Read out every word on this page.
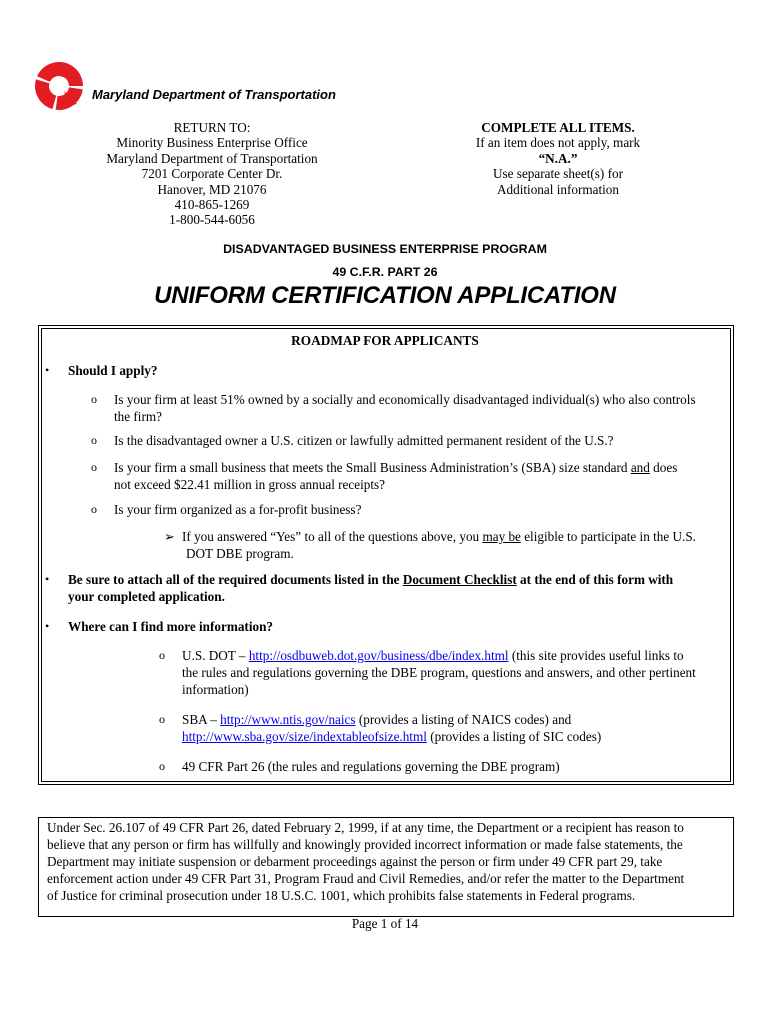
Maryland Department of Transportation
RETURN TO:
Minority Business Enterprise Office
Maryland Department of Transportation
7201 Corporate Center Dr.
Hanover, MD 21076
410-865-1269
1-800-544-6056
COMPLETE ALL ITEMS.
If an item does not apply, mark
“N.A.”
Use separate sheet(s) for
Additional information
DISADVANTAGED BUSINESS ENTERPRISE PROGRAM
49 C.F.R. PART 26
UNIFORM CERTIFICATION APPLICATION
ROADMAP FOR APPLICANTS
• Should I apply?
o Is your firm at least 51% owned by a socially and economically disadvantaged individual(s) who also controls
the firm?
o Is the disadvantaged owner a U.S. citizen or lawfully admitted permanent resident of the U.S.?
o Is your firm a small business that meets the Small Business Administration’s (SBA) size standard and does
not exceed $22.41 million in gross annual receipts?
o Is your firm organized as a for-profit business?
➢ If you answered “Yes” to all of the questions above, you may be eligible to participate in the U.S.
DOT DBE program.
• Be sure to attach all of the required documents listed in the Document Checklist at the end of this form with
your completed application.
• Where can I find more information?
o U.S. DOT – http://osdbuweb.dot.gov/business/dbe/index.html (this site provides useful links to
the rules and regulations governing the DBE program, questions and answers, and other pertinent
information)
o SBA – http://www.ntis.gov/naics (provides a listing of NAICS codes) and
http://www.sba.gov/size/indextableofsize.html (provides a listing of SIC codes)
o 49 CFR Part 26 (the rules and regulations governing the DBE program)
Under Sec. 26.107 of 49 CFR Part 26, dated February 2, 1999, if at any time, the Department or a recipient has reason to
believe that any person or firm has willfully and knowingly provided incorrect information or made false statements, the
Department may initiate suspension or debarment proceedings against the person or firm under 49 CFR part 29, take
enforcement action under 49 CFR Part 31, Program Fraud and Civil Remedies, and/or refer the matter to the Department
of Justice for criminal prosecution under 18 U.S.C. 1001, which prohibits false statements in Federal programs.
Page 1 of 14
